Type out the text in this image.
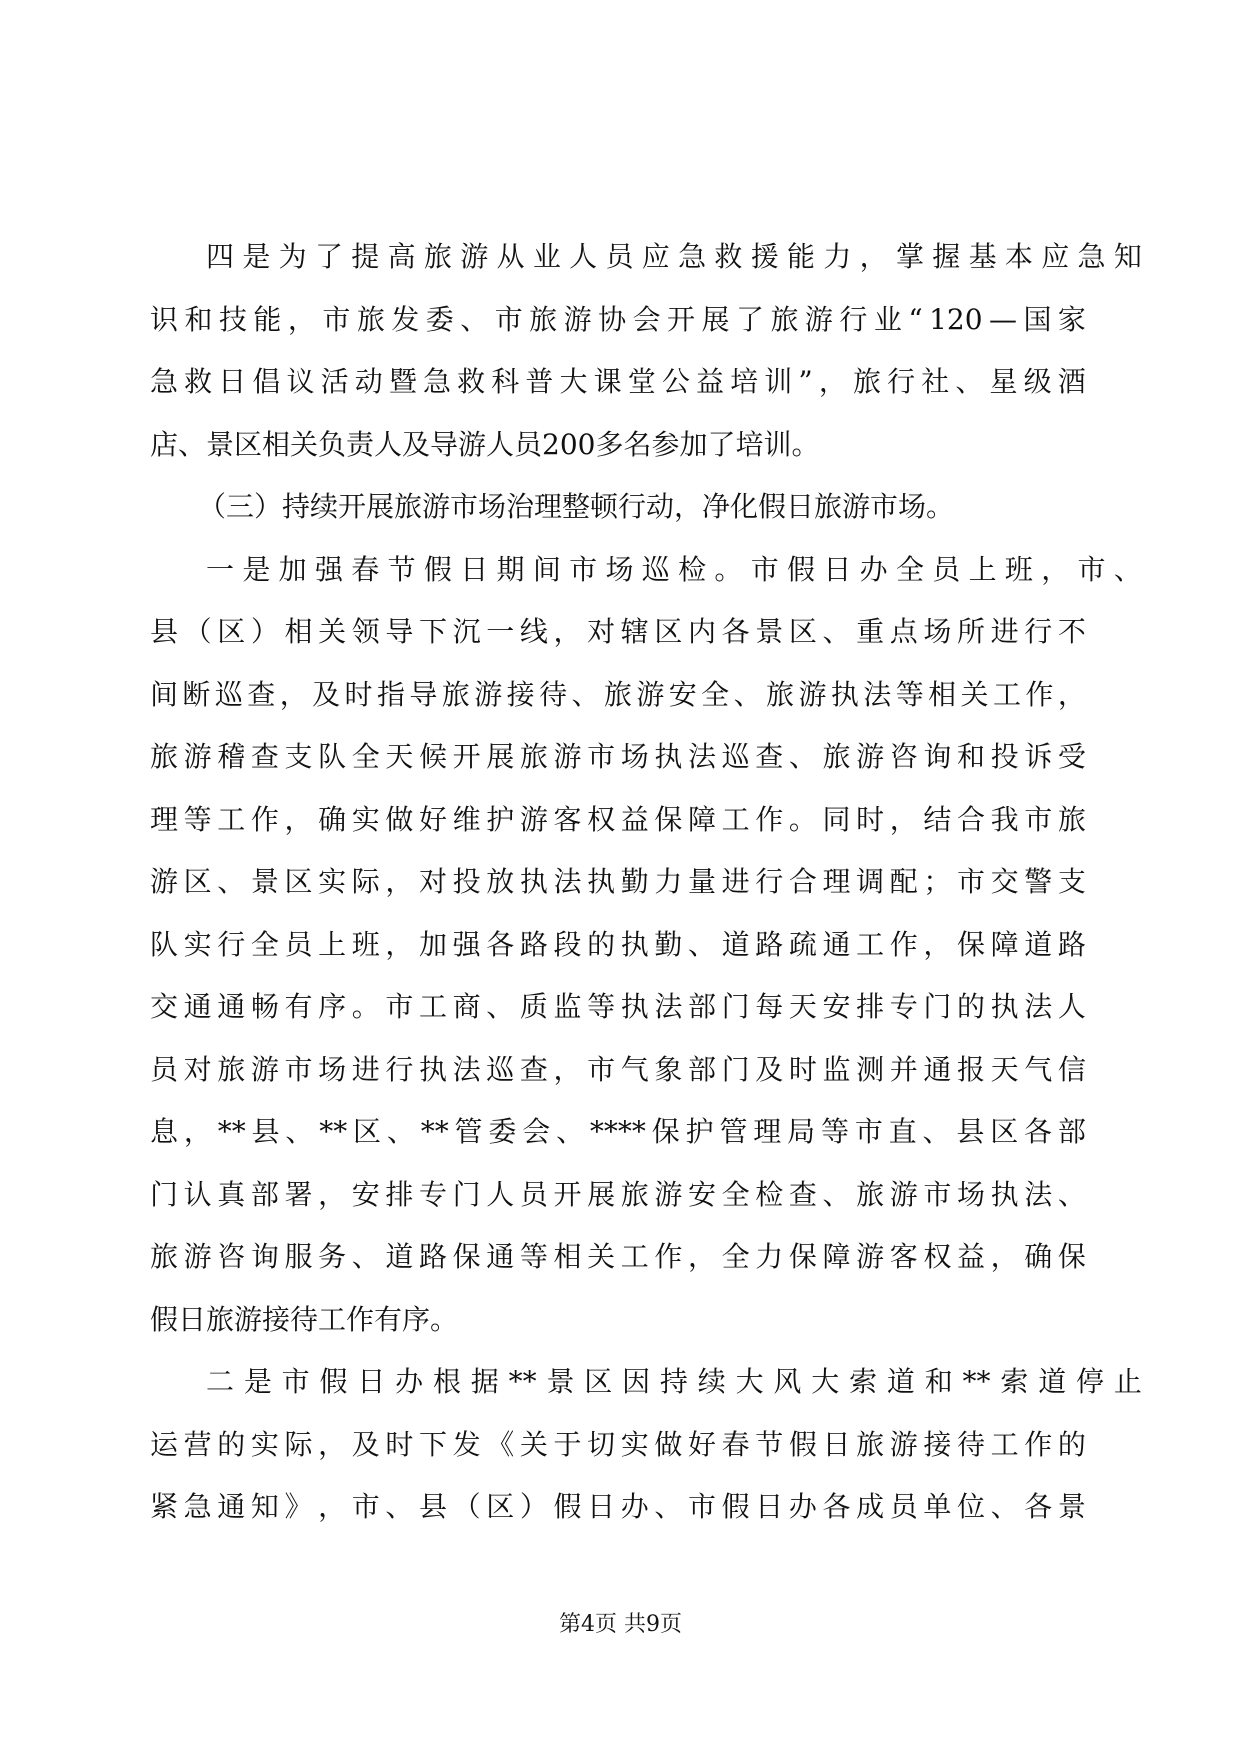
四 是 为 了 提 高 旅 游 从 业 人 员 应 急 救 援 能 力 ， 掌 握 基 本 应 急 知
识 和 技 能 ， 市 旅 发 委 、 市 旅 游 协 会 开 展 了 旅 游 行 业 “ 120 — 国 家
急 救 日 倡 议 活 动 暨 急 救 科 普 大 课 堂 公 益 培 训 ” ， 旅 行 社 、 星 级 酒
店、景区相关负责人及导游人员200多名参加了培训。
（三）持续开展旅游市场治理整顿行动，净化假日旅游市场。
一 是 加 强 春 节 假 日 期 间 市 场 巡 检 。 市 假 日 办 全 员 上 班 ， 市 、
县 （ 区 ） 相 关 领 导 下 沉 一 线 ， 对 辖 区 内 各 景 区 、 重 点 场 所 进 行 不
间 断 巡 查 ， 及 时 指 导 旅 游 接 待 、 旅 游 安 全 、 旅 游 执 法 等 相 关 工 作 ，
旅 游 稽 查 支 队 全 天 候 开 展 旅 游 市 场 执 法 巡 查 、 旅 游 咨 询 和 投 诉 受
理 等 工 作 ， 确 实 做 好 维 护 游 客 权 益 保 障 工 作 。 同 时 ， 结 合 我 市 旅
游 区 、 景 区 实 际 ， 对 投 放 执 法 执 勤 力 量 进 行 合 理 调 配 ； 市 交 警 支
队 实 行 全 员 上 班 ， 加 强 各 路 段 的 执 勤 、 道 路 疏 通 工 作 ， 保 障 道 路
交 通 通 畅 有 序 。 市 工 商 、 质 监 等 执 法 部 门 每 天 安 排 专 门 的 执 法 人
员 对 旅 游 市 场 进 行 执 法 巡 查 ， 市 气 象 部 门 及 时 监 测 并 通 报 天 气 信
息 ， ** 县 、 ** 区 、 ** 管 委 会 、 **** 保 护 管 理 局 等 市 直 、 县 区 各 部
门 认 真 部 署 ， 安 排 专 门 人 员 开 展 旅 游 安 全 检 查 、 旅 游 市 场 执 法 、
旅 游 咨 询 服 务 、 道 路 保 通 等 相 关 工 作 ， 全 力 保 障 游 客 权 益 ， 确 保
假日旅游接待工作有序。
二 是 市 假 日 办 根 据 ** 景 区 因 持 续 大 风 大 索 道 和 ** 索 道 停 止
运 营 的 实 际 ， 及 时 下 发 《 关 于 切 实 做 好 春 节 假 日 旅 游 接 待 工 作 的
紧 急 通 知 》 ， 市 、 县 （ 区 ） 假 日 办 、 市 假 日 办 各 成 员 单 位 、 各 景
第4页 共9页
